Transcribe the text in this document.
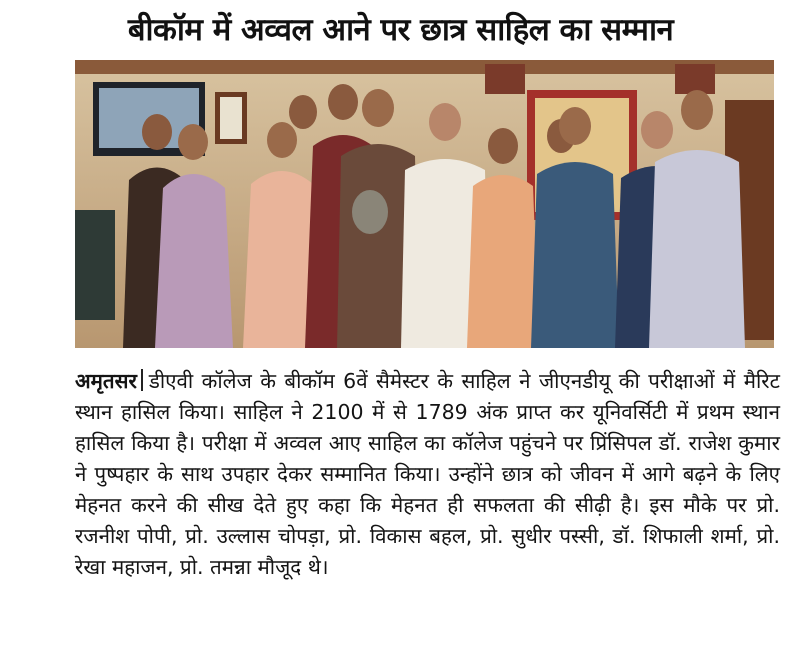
बीकॉम में अव्वल आने पर छात्र साहिल का सम्मान
अमृतसर डीएवी कॉलेज के बीकॉम 6वें सैमेस्टर के साहिल ने जीएनडीयू की परीक्षाओं में मैरिट स्थान हासिल किया। साहिल ने 2100 में से 1789 अंक प्राप्त कर यूनिवर्सिटी में प्रथम स्थान हासिल किया है। परीक्षा में अव्वल आए साहिल का कॉलेज पहुंचने पर प्रिंसिपल डॉ. राजेश कुमार ने पुष्पहार के साथ उपहार देकर सम्मानित किया। उन्होंने छात्र को जीवन में आगे बढ़ने के लिए मेहनत करने की सीख देते हुए कहा कि मेहनत ही सफलता की सीढ़ी है। इस मौके पर प्रो. रजनीश पोपी, प्रो. उल्लास चोपड़ा, प्रो. विकास बहल, प्रो. सुधीर पस्सी, डॉ. शिफाली शर्मा, प्रो. रेखा महाजन, प्रो. तमन्ना मौजूद थे।
